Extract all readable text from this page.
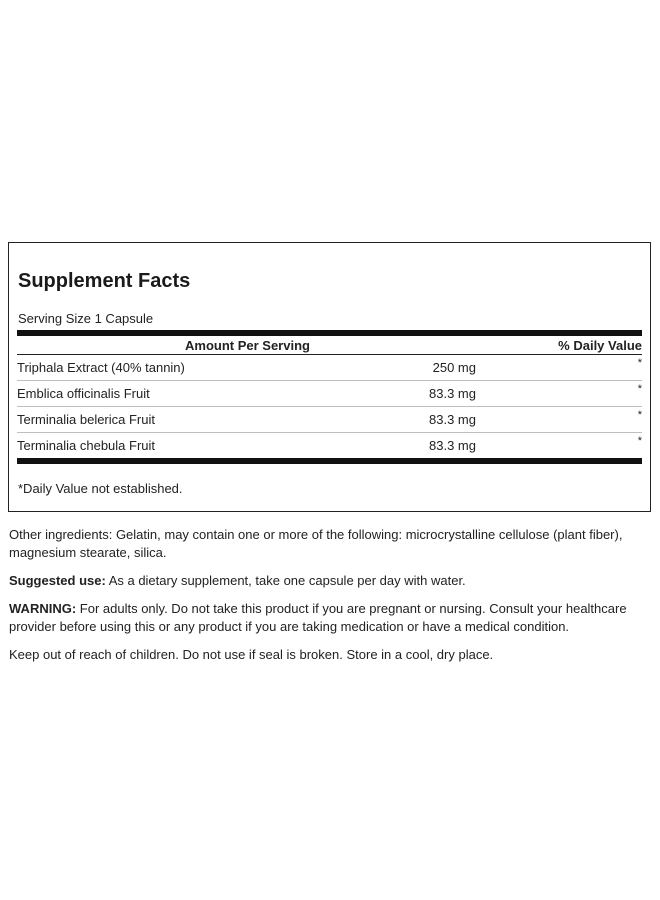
Supplement Facts
Serving Size 1 Capsule
Amount Per Serving	% Daily Value
Triphala Extract (40% tannin)	250 mg	*
Emblica officinalis Fruit	83.3 mg	*
Terminalia belerica Fruit	83.3 mg	*
Terminalia chebula Fruit	83.3 mg	*
*Daily Value not established.
Other ingredients: Gelatin, may contain one or more of the following: microcrystalline cellulose (plant fiber), magnesium stearate, silica.
Suggested use: As a dietary supplement, take one capsule per day with water.
WARNING: For adults only. Do not take this product if you are pregnant or nursing. Consult your healthcare provider before using this or any product if you are taking medication or have a medical condition.
Keep out of reach of children. Do not use if seal is broken. Store in a cool, dry place.
